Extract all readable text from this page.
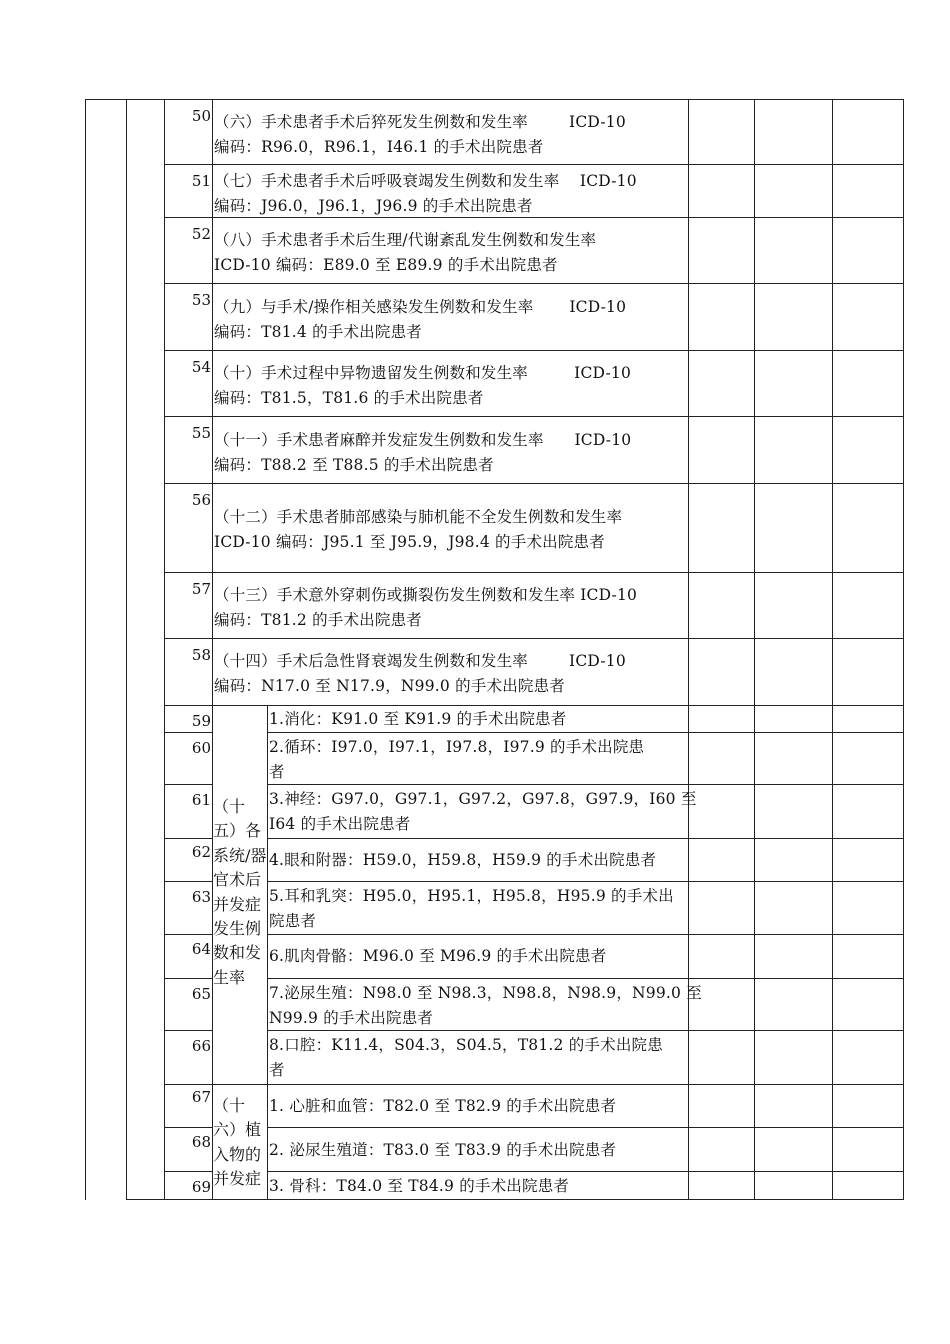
50 （六）手术患者手术后猝死发生例数和发生率        ICD-10
编码：R96.0，R96.1，I46.1 的手术出院患者
51 （七）手术患者手术后呼吸衰竭发生例数和发生率    ICD-10
编码：J96.0，J96.1，J96.9 的手术出院患者
52 （八）手术患者手术后生理/代谢紊乱发生例数和发生率
ICD-10 编码：E89.0 至 E89.9 的手术出院患者
53 （九）与手术/操作相关感染发生例数和发生率       ICD-10
编码：T81.4 的手术出院患者
54 （十）手术过程中异物遗留发生例数和发生率         ICD-10
编码：T81.5，T81.6 的手术出院患者
55 （十一）手术患者麻醉并发症发生例数和发生率      ICD-10
编码：T88.2 至 T88.5 的手术出院患者
56
（十二）手术患者肺部感染与肺机能不全发生例数和发生率
ICD-10 编码：J95.1 至 J95.9，J98.4 的手术出院患者
57 （十三）手术意外穿刺伤或撕裂伤发生例数和发生率 ICD-10
编码：T81.2 的手术出院患者
58 （十四）手术后急性肾衰竭发生例数和发生率        ICD-10
编码：N17.0 至 N17.9，N99.0 的手术出院患者
（十五）各系统/器官术后并发症发生例数和发生率
59	1.消化：K91.0 至 K91.9 的手术出院患者
60	2.循环：I97.0，I97.1，I97.8，I97.9 的手术出院患
者
61	3.神经：G97.0，G97.1，G97.2，G97.8，G97.9，I60 至
I64 的手术出院患者
62	4.眼和附器：H59.0，H59.8，H59.9 的手术出院患者
63	5.耳和乳突：H95.0，H95.1，H95.8，H95.9 的手术出
院患者
64	6.肌肉骨骼：M96.0 至 M96.9 的手术出院患者
65	7.泌尿生殖：N98.0 至 N98.3，N98.8，N98.9，N99.0 至
N99.9 的手术出院患者
66	8.口腔：K11.4，S04.3，S04.5，T81.2 的手术出院患
者
（十六）植入物的并发症
67	1. 心脏和血管：T82.0 至 T82.9 的手术出院患者
68	2. 泌尿生殖道：T83.0 至 T83.9 的手术出院患者
69	3. 骨科：T84.0 至 T84.9 的手术出院患者
